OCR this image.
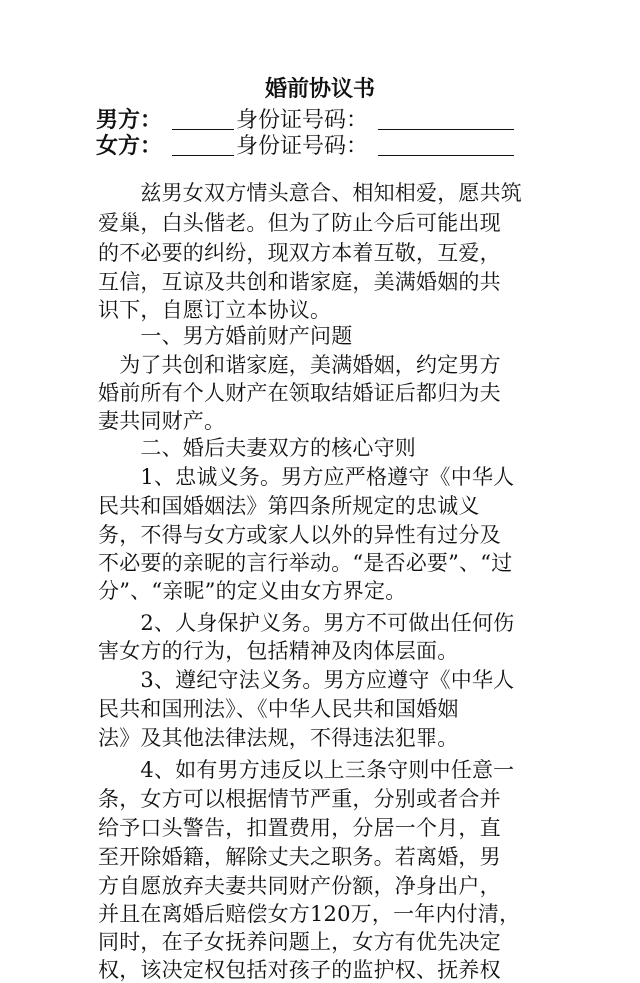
婚前协议书
男方：	身份证号码：
女方：	身份证号码：
　　兹男女双方情头意合、相知相爱，愿共筑
爱巢，白头偕老。但为了防止今后可能出现
的不必要的纠纷，现双方本着互敬，互爱，
互信，互谅及共创和谐家庭，美满婚姻的共
识下，自愿订立本协议。
　　一、男方婚前财产问题
　为了共创和谐家庭，美满婚姻，约定男方
婚前所有个人财产在领取结婚证后都归为夫
妻共同财产。
　　二、婚后夫妻双方的核心守则
　　1、忠诚义务。男方应严格遵守《中华人
民共和国婚姻法》第四条所规定的忠诚义
务，不得与女方或家人以外的异性有过分及
不必要的亲昵的言行举动。“是否必要”、“过
分”、“亲昵”的定义由女方界定。
　　2、人身保护义务。男方不可做出任何伤
害女方的行为，包括精神及肉体层面。
　　3、遵纪守法义务。男方应遵守《中华人
民共和国刑法》、《中华人民共和国婚姻
法》及其他法律法规，不得违法犯罪。
　　4、如有男方违反以上三条守则中任意一
条，女方可以根据情节严重，分别或者合并
给予口头警告，扣置费用，分居一个月，直
至开除婚籍，解除丈夫之职务。若离婚，男
方自愿放弃夫妻共同财产份额，净身出户，
并且在离婚后赔偿女方120万，一年内付清，
同时，在子女抚养问题上，女方有优先决定
权，该决定权包括对孩子的监护权、抚养权
